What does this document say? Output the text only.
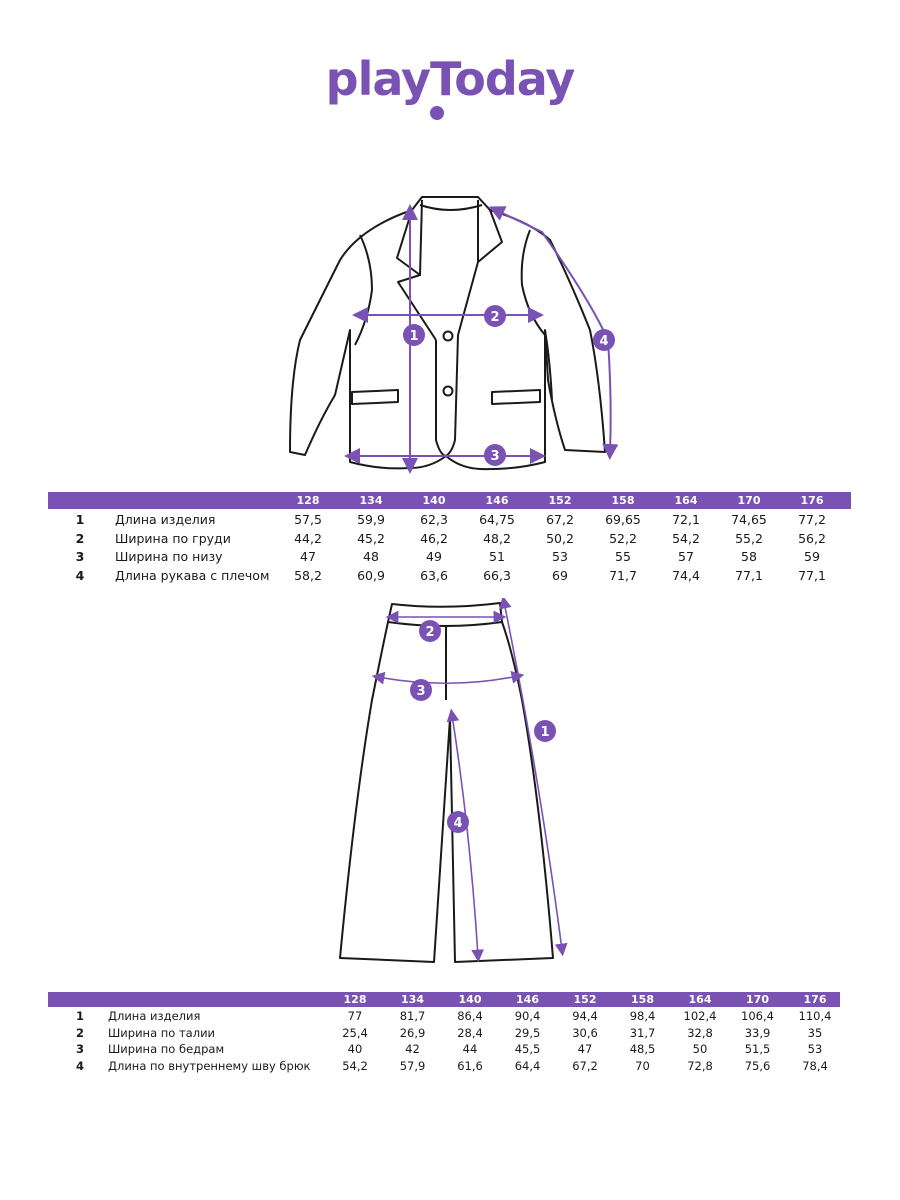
playToday
1
2
3
4
128	134	140	146	152	158	164	170	176
1	Длина изделия	57,5	59,9	62,3	64,75	67,2	69,65	72,1	74,65	77,2
2	Ширина по груди	44,2	45,2	46,2	48,2	50,2	52,2	54,2	55,2	56,2
3	Ширина по низу	47	48	49	51	53	55	57	58	59
4	Длина рукава с плечом	58,2	60,9	63,6	66,3	69	71,7	74,4	77,1	77,1
1
2
3
4
128	134	140	146	152	158	164	170	176
1	Длина изделия	77	81,7	86,4	90,4	94,4	98,4	102,4	106,4	110,4
2	Ширина по талии	25,4	26,9	28,4	29,5	30,6	31,7	32,8	33,9	35
3	Ширина по бедрам	40	42	44	45,5	47	48,5	50	51,5	53
4	Длина по внутреннему шву брюк	54,2	57,9	61,6	64,4	67,2	70	72,8	75,6	78,4
